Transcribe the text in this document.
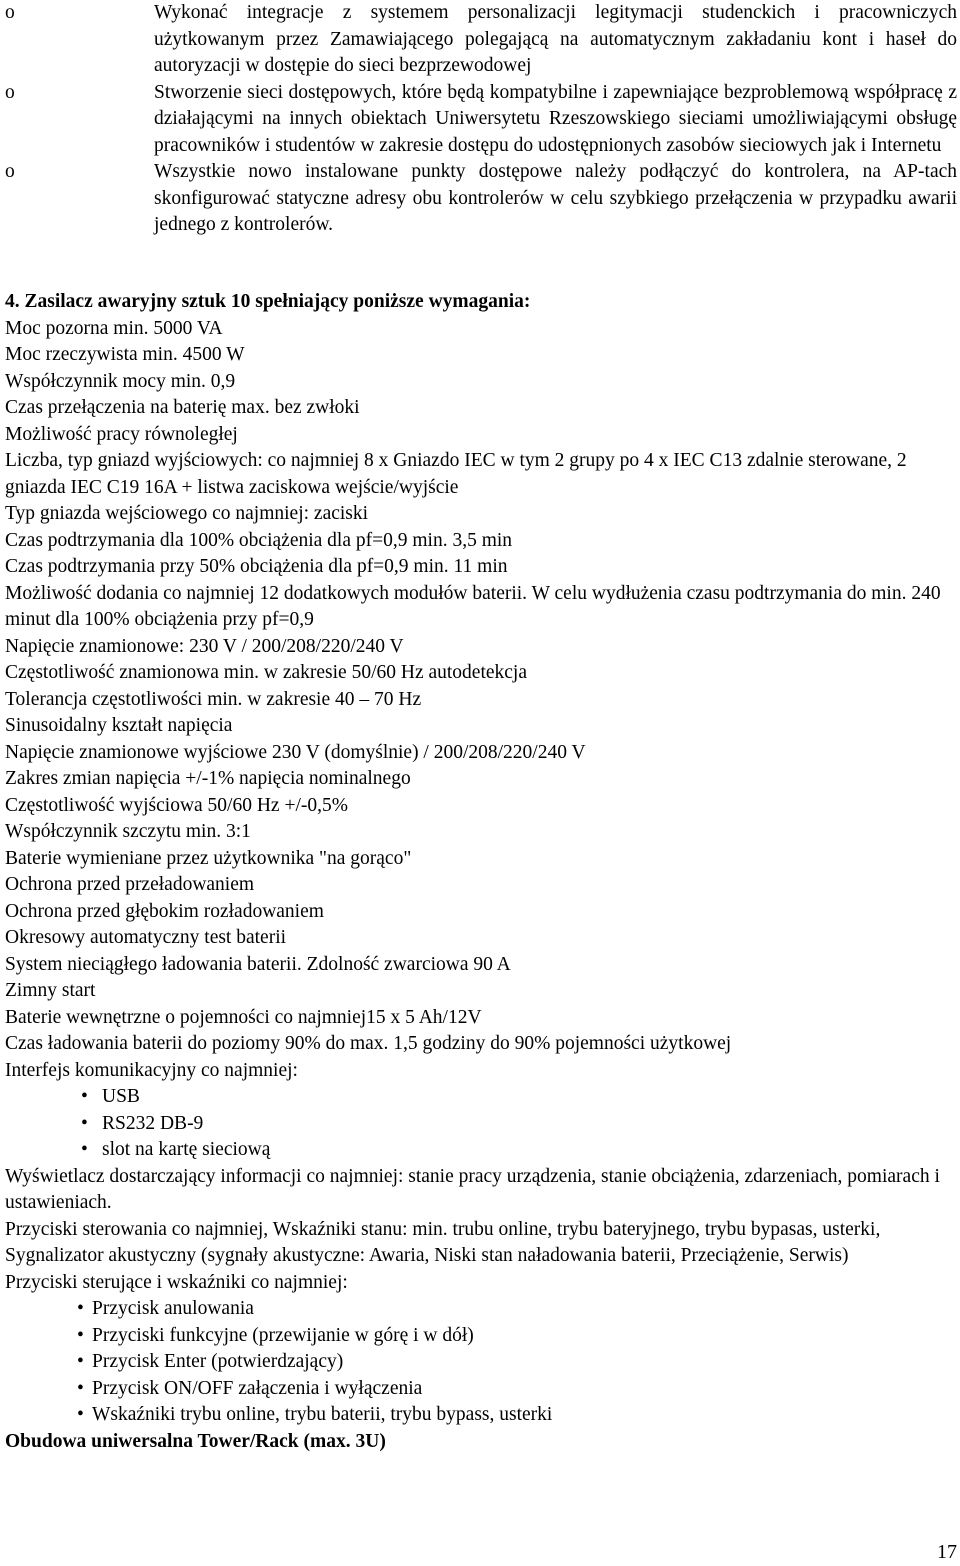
o	Wykonać integracje z systemem personalizacji legitymacji studenckich i pracowniczych użytkowanym przez Zamawiającego polegającą na automatycznym zakładaniu kont i haseł do autoryzacji w dostępie do sieci bezprzewodowej
o	Stworzenie sieci dostępowych, które będą kompatybilne i zapewniające bezproblemową współpracę z działającymi na innych obiektach Uniwersytetu Rzeszowskiego sieciami umożliwiającymi obsługę pracowników i studentów w zakresie dostępu do udostępnionych zasobów sieciowych jak i Internetu
o	Wszystkie nowo instalowane punkty dostępowe należy podłączyć do kontrolera, na AP-tach skonfigurować statyczne adresy obu kontrolerów w celu szybkiego przełączenia w przypadku awarii jednego z kontrolerów.
4. Zasilacz awaryjny sztuk 10 spełniający poniższe wymagania:
Moc pozorna min. 5000 VA
Moc rzeczywista min. 4500 W
Współczynnik mocy min. 0,9
Czas przełączenia na baterię max. bez zwłoki
Możliwość pracy równoległej
Liczba, typ gniazd wyjściowych: co najmniej 8 x Gniazdo IEC w tym 2 grupy po 4 x IEC C13 zdalnie sterowane, 2 gniazda IEC C19 16A + listwa zaciskowa wejście/wyjście
Typ gniazda wejściowego co najmniej: zaciski
Czas podtrzymania dla 100% obciążenia dla pf=0,9 min. 3,5 min
Czas podtrzymania przy 50% obciążenia dla pf=0,9 min. 11 min
Możliwość dodania co najmniej 12 dodatkowych modułów baterii. W celu wydłużenia czasu podtrzymania do min. 240 minut dla 100% obciążenia przy pf=0,9
Napięcie znamionowe: 230 V / 200/208/220/240 V
Częstotliwość znamionowa min. w zakresie 50/60 Hz autodetekcja
Tolerancja częstotliwości min. w zakresie 40 – 70 Hz
Sinusoidalny kształt napięcia
Napięcie znamionowe wyjściowe 230 V (domyślnie) / 200/208/220/240 V
Zakres zmian napięcia +/-1% napięcia nominalnego
Częstotliwość wyjściowa 50/60 Hz +/-0,5%
Współczynnik szczytu min. 3:1
Baterie wymieniane przez użytkownika "na gorąco"
Ochrona przed przeładowaniem
Ochrona przed głębokim rozładowaniem
Okresowy automatyczny test baterii
System nieciągłego ładowania baterii. Zdolność zwarciowa 90 A
Zimny start
Baterie wewnętrzne o pojemności co najmniej15 x 5 Ah/12V
Czas ładowania baterii do poziomy 90% do max. 1,5 godziny do 90% pojemności użytkowej
Interfejs komunikacyjny co najmniej:
• USB
• RS232 DB-9
• slot na kartę sieciową
Wyświetlacz dostarczający informacji co najmniej: stanie pracy urządzenia, stanie obciążenia, zdarzeniach, pomiarach i ustawieniach.
Przyciski sterowania co najmniej, Wskaźniki stanu: min. trubu online, trybu bateryjnego, trybu bypasas, usterki, Sygnalizator akustyczny (sygnały akustyczne: Awaria, Niski stan naładowania baterii, Przeciążenie, Serwis)
Przyciski sterujące i wskaźniki co najmniej:
• Przycisk anulowania
• Przyciski funkcyjne (przewijanie w górę i w dół)
• Przycisk Enter (potwierdzający)
• Przycisk ON/OFF załączenia i wyłączenia
• Wskaźniki trybu online, trybu baterii, trybu bypass, usterki
Obudowa uniwersalna Tower/Rack (max. 3U)
17
